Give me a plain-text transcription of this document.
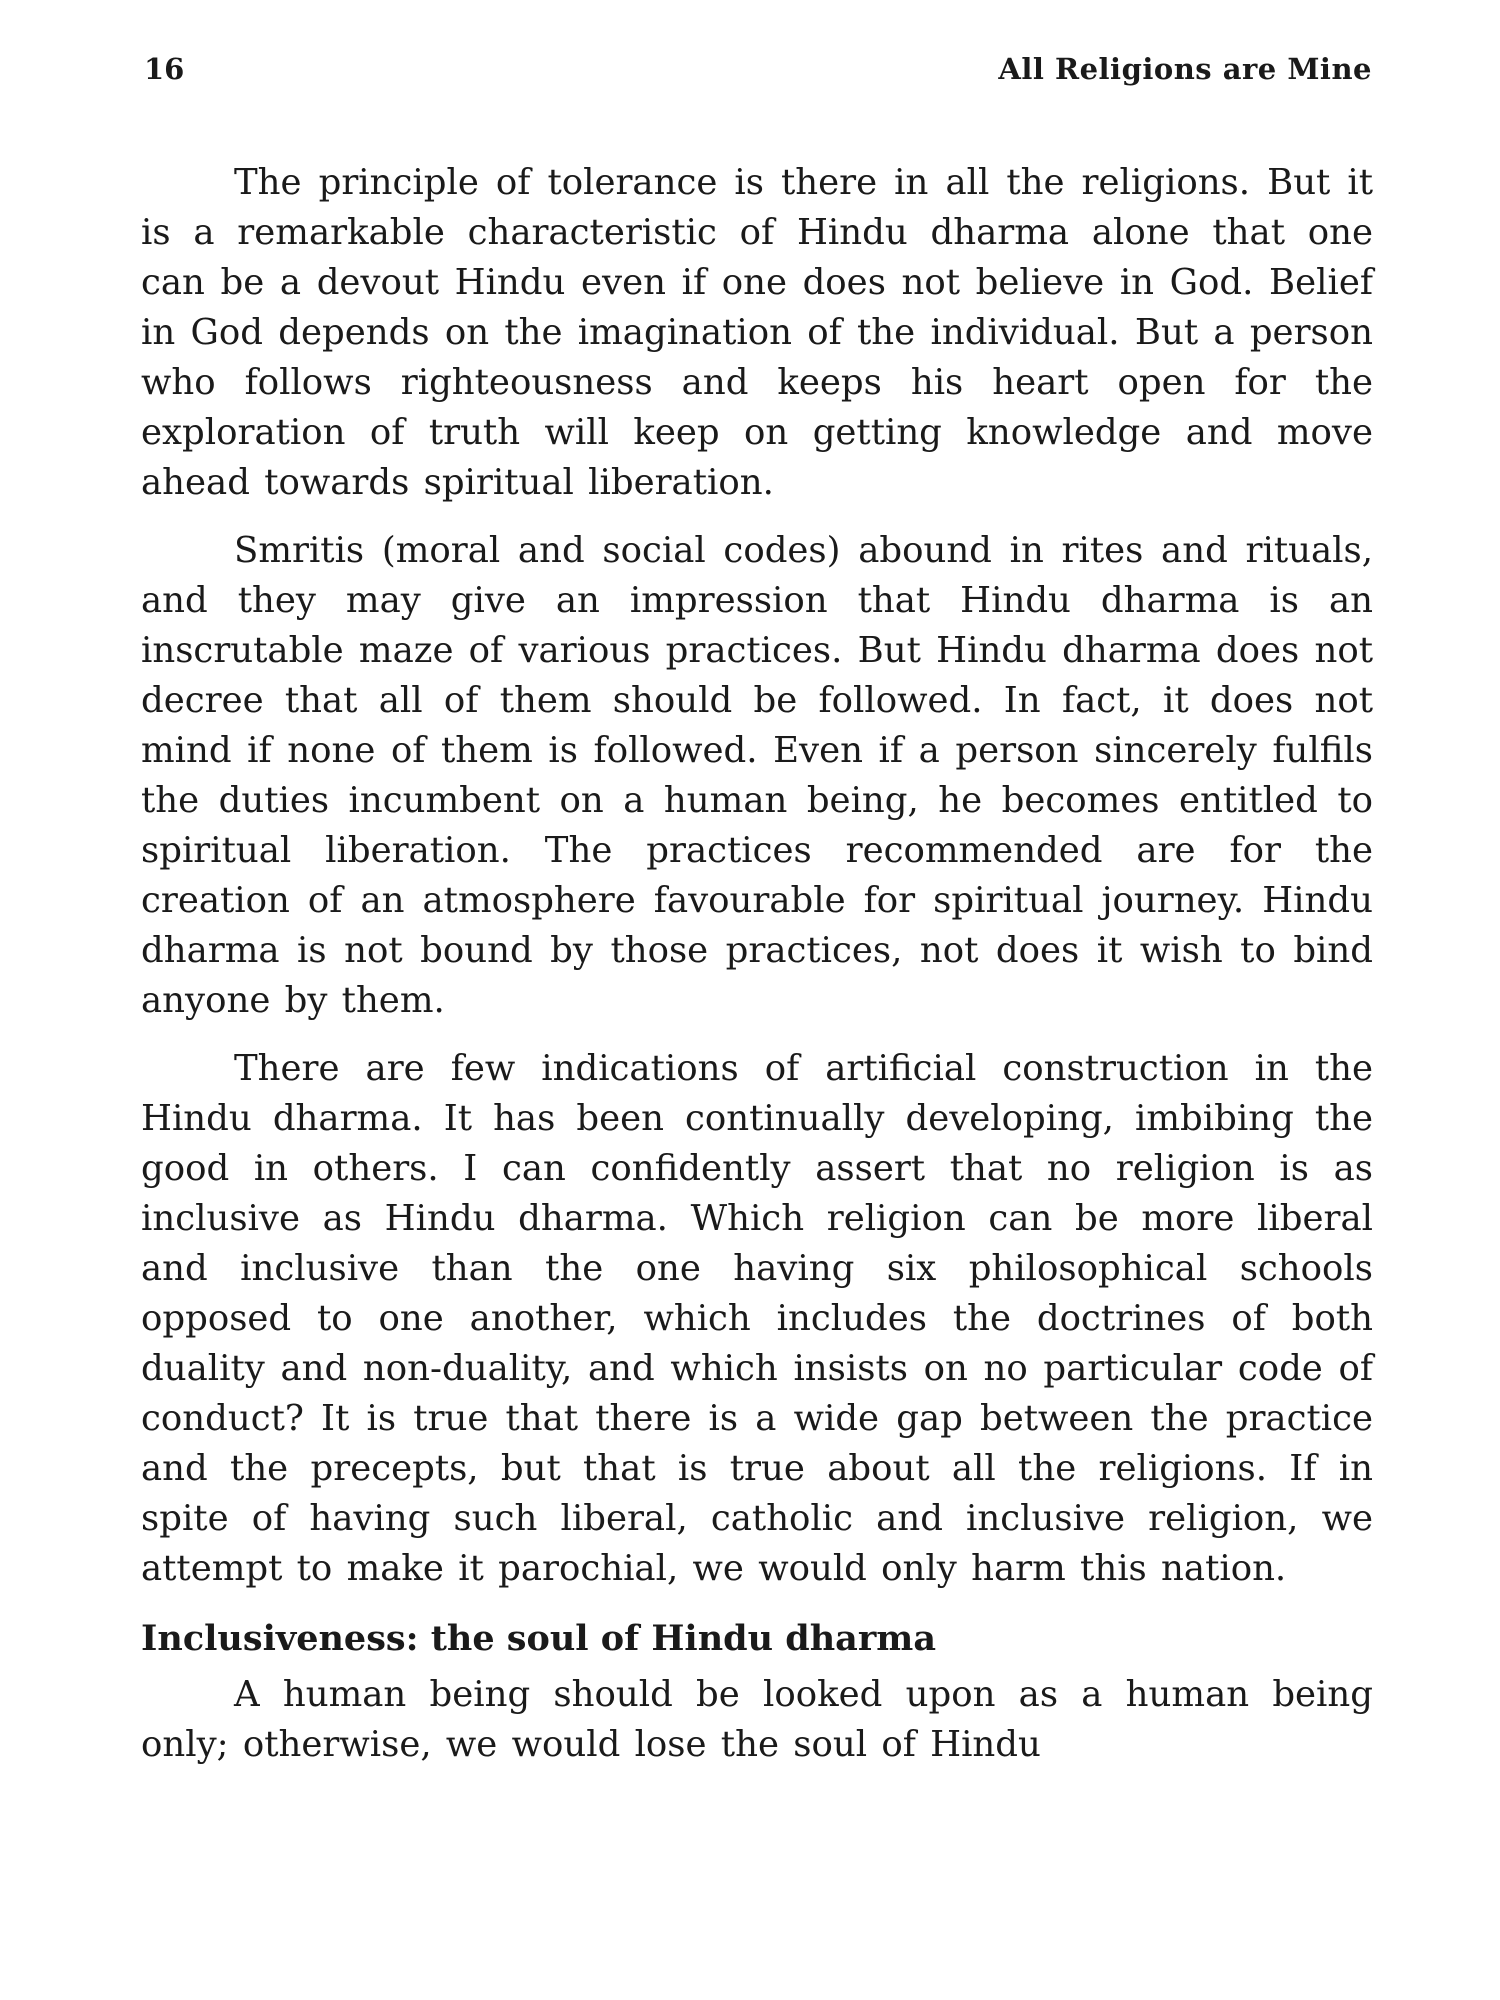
16	All Religions are Mine

The principle of tolerance is there in all the religions. But it is a remarkable characteristic of Hindu dharma alone that one can be a devout Hindu even if one does not believe in God. Belief in God depends on the imagination of the individual. But a person who follows righteousness and keeps his heart open for the exploration of truth will keep on getting knowledge and move ahead towards spiritual liberation.

Smritis (moral and social codes) abound in rites and rituals, and they may give an impression that Hindu dharma is an inscrutable maze of various practices. But Hindu dharma does not decree that all of them should be followed. In fact, it does not mind if none of them is followed. Even if a person sincerely fulfils the duties incumbent on a human being, he becomes entitled to spiritual liberation. The practices recommended are for the creation of an atmosphere favourable for spiritual journey. Hindu dharma is not bound by those practices, not does it wish to bind anyone by them.

There are few indications of artificial construction in the Hindu dharma. It has been continually developing, imbibing the good in others. I can confidently assert that no religion is as inclusive as Hindu dharma. Which religion can be more liberal and inclusive than the one having six philosophical schools opposed to one another, which includes the doctrines of both duality and non-duality, and which insists on no particular code of conduct? It is true that there is a wide gap between the practice and the precepts, but that is true about all the religions. If in spite of having such liberal, catholic and inclusive religion, we attempt to make it parochial, we would only harm this nation.

Inclusiveness: the soul of Hindu dharma

A human being should be looked upon as a human being only; otherwise, we would lose the soul of Hindu
